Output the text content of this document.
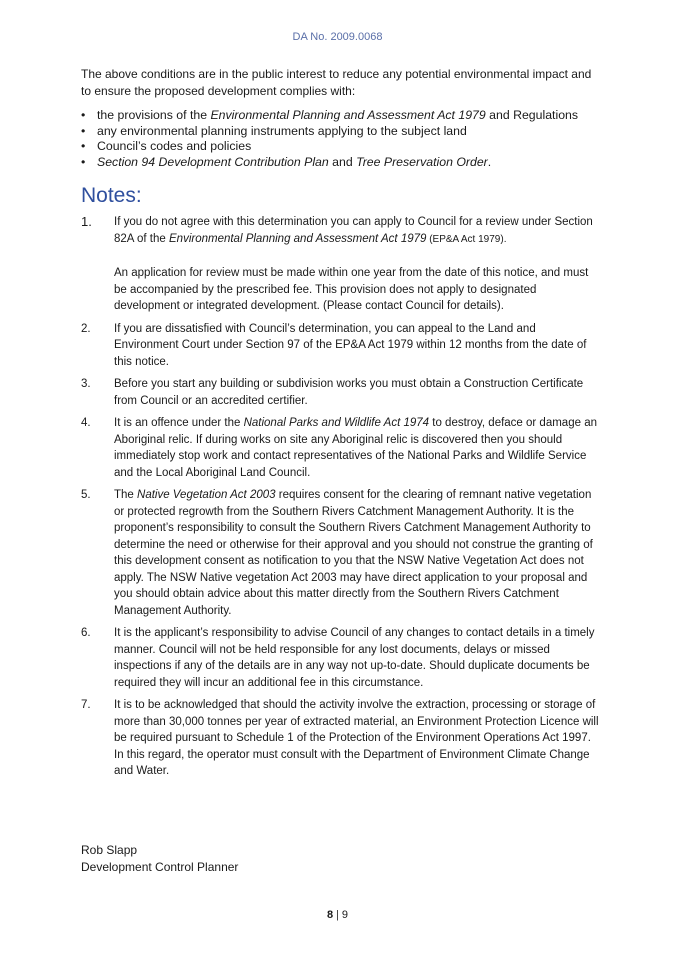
DA No. 2009.0068

The above conditions are in the public interest to reduce any potential environmental impact and to ensure the proposed development complies with:

• the provisions of the Environmental Planning and Assessment Act 1979 and Regulations
• any environmental planning instruments applying to the subject land
• Council’s codes and policies
• Section 94 Development Contribution Plan and Tree Preservation Order.
Notes:
1. If you do not agree with this determination you can apply to Council for a review under Section 82A of the Environmental Planning and Assessment Act 1979 (EP&A Act 1979).
An application for review must be made within one year from the date of this notice, and must be accompanied by the prescribed fee. This provision does not apply to designated development or integrated development. (Please contact Council for details).
2. If you are dissatisfied with Council’s determination, you can appeal to the Land and Environment Court under Section 97 of the EP&A Act 1979 within 12 months from the date of this notice.
3. Before you start any building or subdivision works you must obtain a Construction Certificate from Council or an accredited certifier.
4. It is an offence under the National Parks and Wildlife Act 1974 to destroy, deface or damage an Aboriginal relic. If during works on site any Aboriginal relic is discovered then you should immediately stop work and contact representatives of the National Parks and Wildlife Service and the Local Aboriginal Land Council.
5. The Native Vegetation Act 2003 requires consent for the clearing of remnant native vegetation or protected regrowth from the Southern Rivers Catchment Management Authority. It is the proponent’s responsibility to consult the Southern Rivers Catchment Management Authority to determine the need or otherwise for their approval and you should not construe the granting of this development consent as notification to you that the NSW Native Vegetation Act does not apply. The NSW Native vegetation Act 2003 may have direct application to your proposal and you should obtain advice about this matter directly from the Southern Rivers Catchment Management Authority.
6. It is the applicant’s responsibility to advise Council of any changes to contact details in a timely manner. Council will not be held responsible for any lost documents, delays or missed inspections if any of the details are in any way not up-to-date. Should duplicate documents be required they will incur an additional fee in this circumstance.
7. It is to be acknowledged that should the activity involve the extraction, processing or storage of more than 30,000 tonnes per year of extracted material, an Environment Protection Licence will be required pursuant to Schedule 1 of the Protection of the Environment Operations Act 1997. In this regard, the operator must consult with the Department of Environment Climate Change and Water.
Rob Slapp
Development Control Planner
8 | 9
